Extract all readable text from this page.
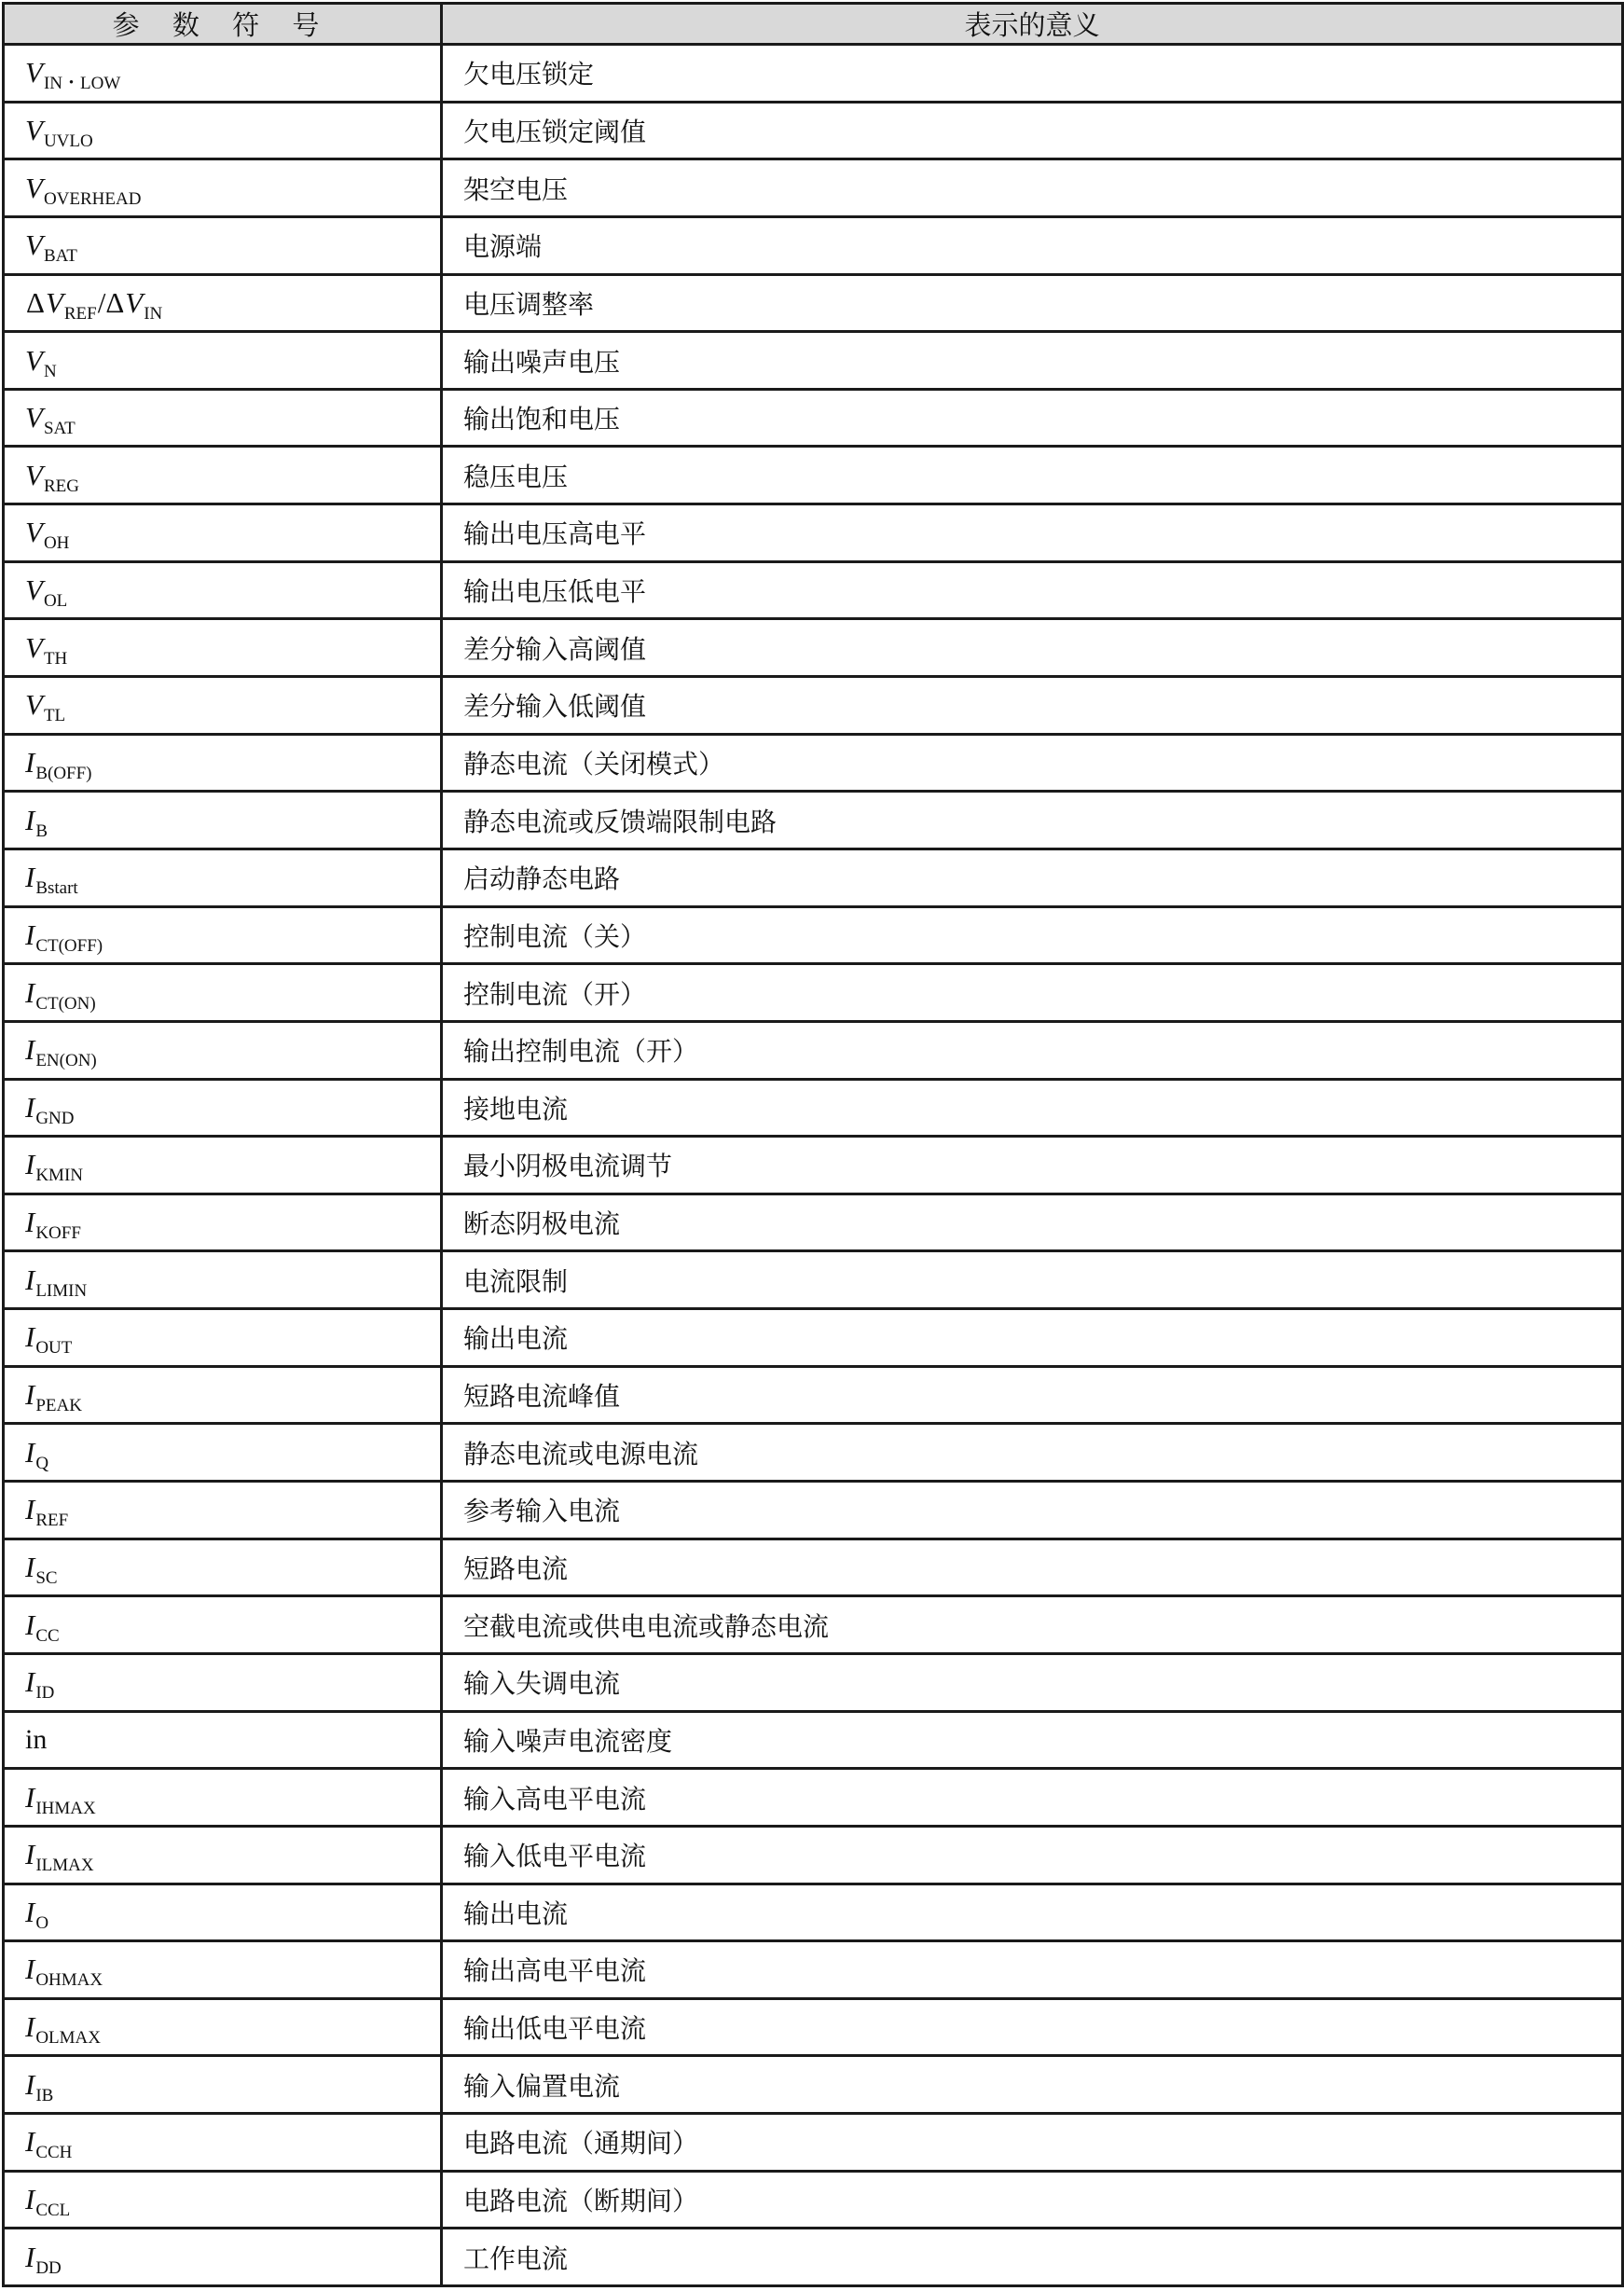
参 数 符 号	表示的意义
$V_{IN・LOW}$	欠电压锁定
$V_{UVLO}$	欠电压锁定阈值
$V_{OVERHEAD}$	架空电压
$V_{BAT}$	电源端
$\Delta V_{REF}/\Delta V_{IN}$	电压调整率
$V_N$	输出噪声电压
$V_{SAT}$	输出饱和电压
$V_{REG}$	稳压电压
$V_{OH}$	输出电压高电平
$V_{OL}$	输出电压低电平
$V_{TH}$	差分输入高阈值
$V_{TL}$	差分输入低阈值
$I_{B(OFF)}$	静态电流（关闭模式）
$I_B$	静态电流或反馈端限制电路
$I_{Bstart}$	启动静态电路
$I_{CT(OFF)}$	控制电流（关）
$I_{CT(ON)}$	控制电流（开）
$I_{EN(ON)}$	输出控制电流（开）
$I_{GND}$	接地电流
$I_{KMIN}$	最小阴极电流调节
$I_{KOFF}$	断态阴极电流
$I_{LIMIN}$	电流限制
$I_{OUT}$	输出电流
$I_{PEAK}$	短路电流峰值
$I_Q$	静态电流或电源电流
$I_{REF}$	参考输入电流
$I_{SC}$	短路电流
$I_{CC}$	空截电流或供电电流或静态电流
$I_{ID}$	输入失调电流
in	输入噪声电流密度
$I_{IHMAX}$	输入高电平电流
$I_{ILMAX}$	输入低电平电流
$I_O$	输出电流
$I_{OHMAX}$	输出高电平电流
$I_{OLMAX}$	输出低电平电流
$I_{IB}$	输入偏置电流
$I_{CCH}$	电路电流（通期间）
$I_{CCL}$	电路电流（断期间）
$I_{DD}$	工作电流
